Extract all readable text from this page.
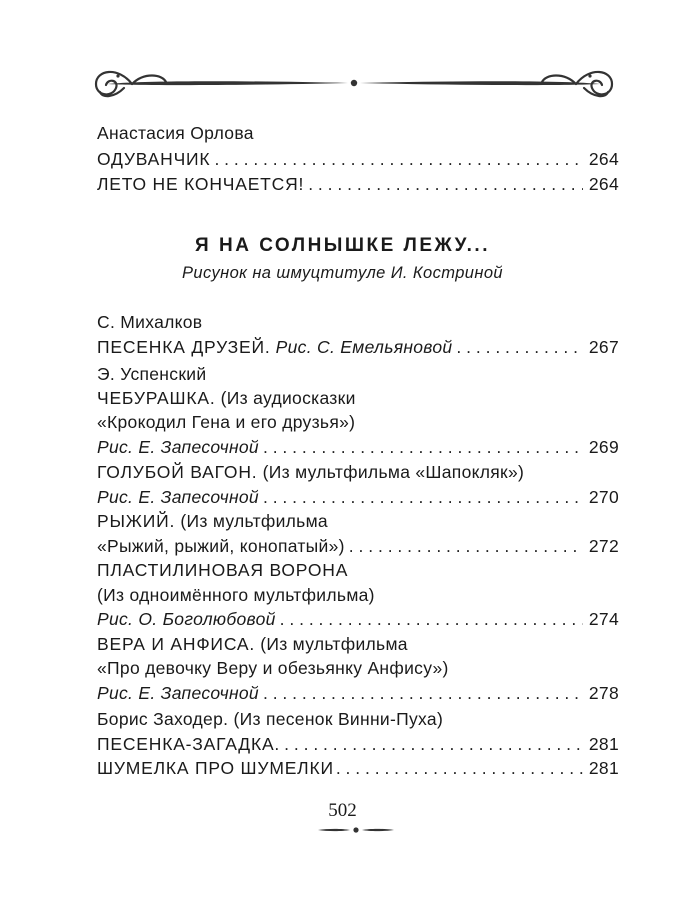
Анастасия Орлова
ОДУВАНЧИК . . .	264
ЛЕТО НЕ КОНЧАЕТСЯ! . . .	264
Я НА СОЛНЫШКЕ ЛЕЖУ...
Рисунок на шмуцтитуле И. Костриной
С. Михалков
ПЕСЕНКА ДРУЗЕЙ. Рис. С. Емельяновой . . .	267
Э. Успенский
ЧЕБУРАШКА. (Из аудиосказки
«Крокодил Гена и его друзья»)
Рис. Е. Запесочной . . .	269
ГОЛУБОЙ ВАГОН. (Из мультфильма «Шапокляк»)
Рис. Е. Запесочной . . .	270
РЫЖИЙ. (Из мультфильма
«Рыжий, рыжий, конопатый») . . .	272
ПЛАСТИЛИНОВАЯ ВОРОНА
(Из одноимённого мультфильма)
Рис. О. Боголюбовой . . .	274
ВЕРА И АНФИСА. (Из мультфильма
«Про девочку Веру и обезьянку Анфису»)
Рис. Е. Запесочной . . .	278
Борис Заходер. (Из песенок Винни-Пуха)
ПЕСЕНКА-ЗАГАДКА . . .	281
ШУМЕЛКА ПРО ШУМЕЛКИ . . .	281
502
